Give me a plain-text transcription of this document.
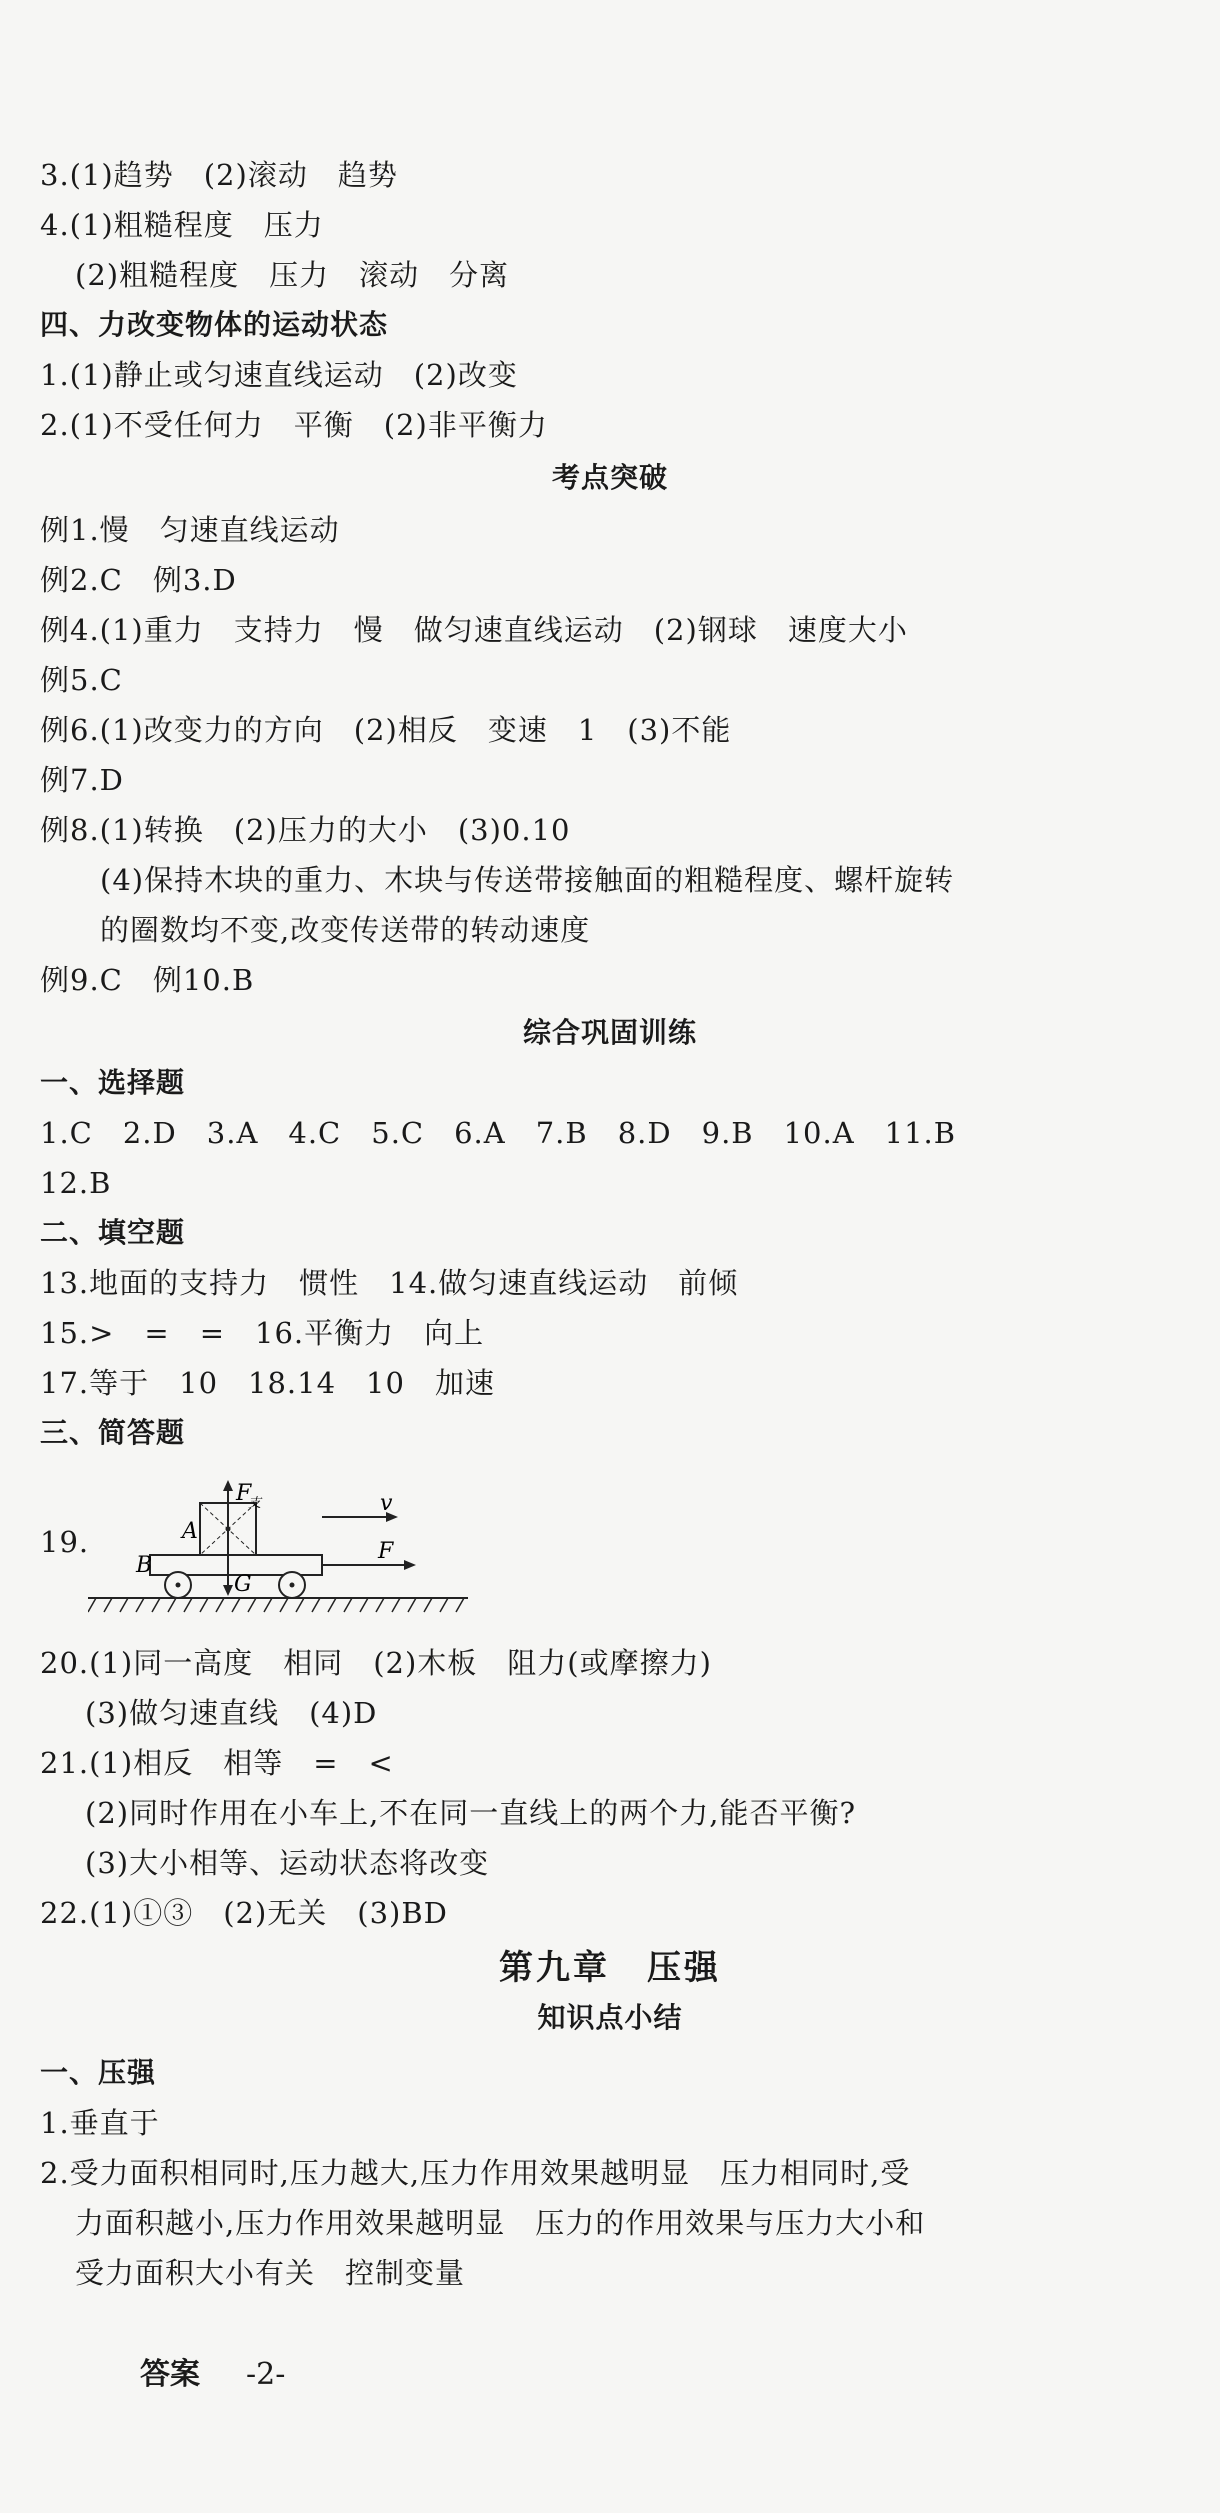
3.(1)趋势　(2)滚动　趋势
4.(1)粗糙程度　压力
(2)粗糙程度　压力　滚动　分离
四、力改变物体的运动状态
1.(1)静止或匀速直线运动　(2)改变
2.(1)不受任何力　平衡　(2)非平衡力
考点突破
例1.慢　匀速直线运动
例2.C　例3.D
例4.(1)重力　支持力　慢　做匀速直线运动　(2)钢球　速度大小
例5.C
例6.(1)改变力的方向　(2)相反　变速　1　(3)不能
例7.D
例8.(1)转换　(2)压力的大小　(3)0.10
(4)保持木块的重力、木块与传送带接触面的粗糙程度、螺杆旋转
的圈数均不变,改变传送带的转动速度
例9.C　例10.B
综合巩固训练
一、选择题
1.C　2.D　3.A　4.C　5.C　6.A　7.B　8.D　9.B　10.A　11.B
12.B
二、填空题
13.地面的支持力　惯性　14.做匀速直线运动　前倾
15.>　=　=　16.平衡力　向上
17.等于　10　18.14　10　加速
三、简答题
19.
F
支
A
B
G
v
F
20.(1)同一高度　相同　(2)木板　阻力(或摩擦力)
(3)做匀速直线　(4)D
21.(1)相反　相等　=　<
(2)同时作用在小车上,不在同一直线上的两个力,能否平衡?
(3)大小相等、运动状态将改变
22.(1)①③　(2)无关　(3)BD
第九章　压强
知识点小结
一、压强
1.垂直于
2.受力面积相同时,压力越大,压力作用效果越明显　压力相同时,受
力面积越小,压力作用效果越明显　压力的作用效果与压力大小和
受力面积大小有关　控制变量
答案 -2-
